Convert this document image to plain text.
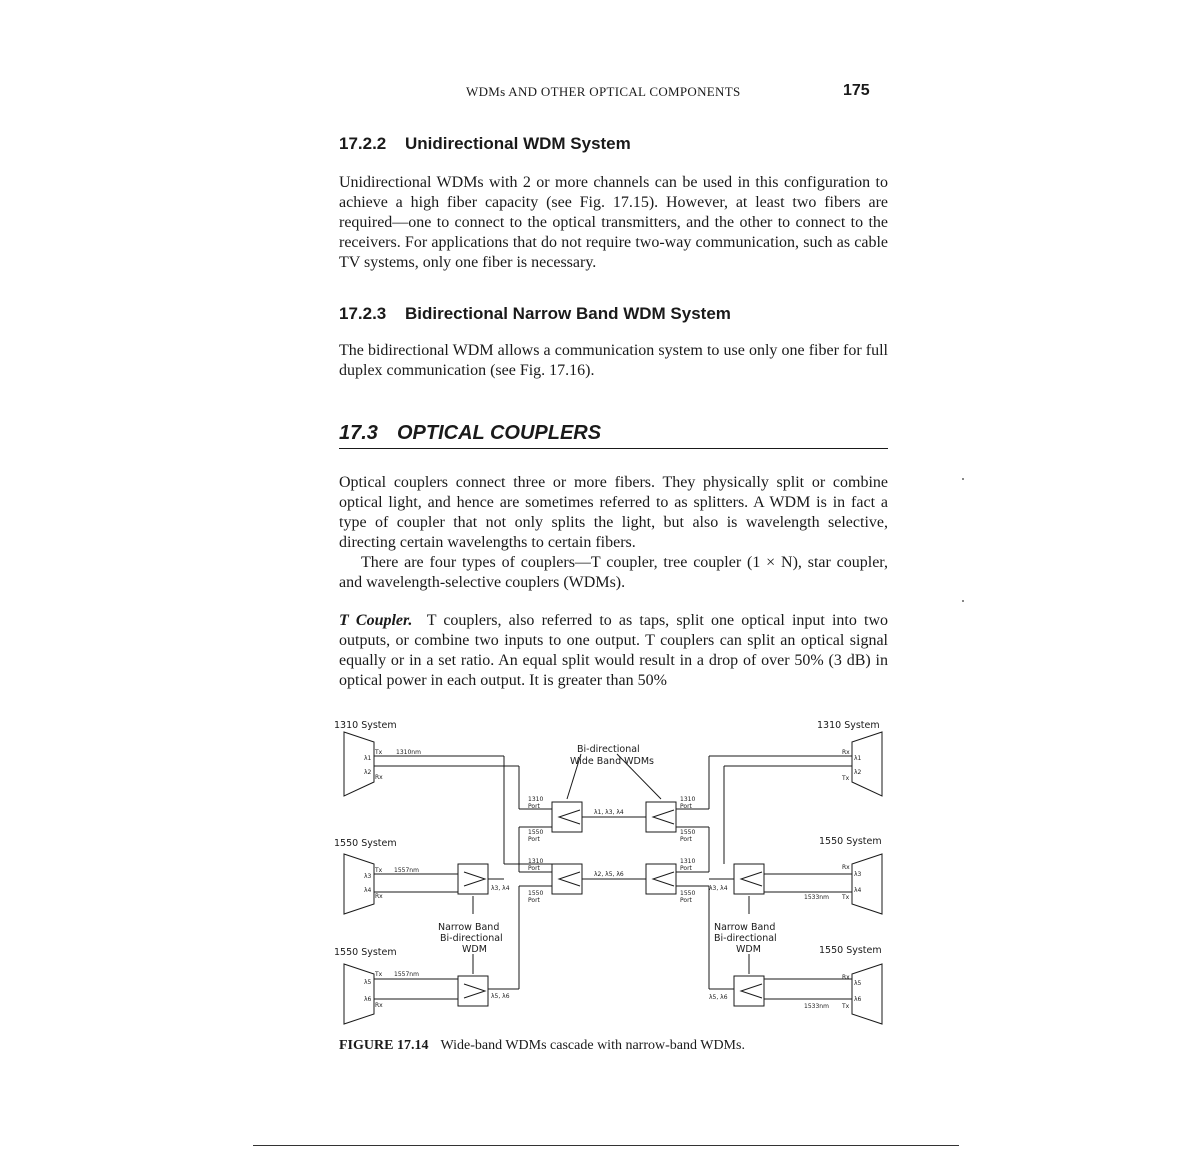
WDMs AND OTHER OPTICAL COMPONENTS	175
17.2.2 Unidirectional WDM System

Unidirectional WDMs with 2 or more channels can be used in this configuration to achieve a high fiber capacity (see Fig. 17.15). However, at least two fibers are required—one to connect to the optical transmitters, and the other to connect to the receivers. For applications that do not require two-way communication, such as cable TV systems, only one fiber is necessary.

17.2.3 Bidirectional Narrow Band WDM System

The bidirectional WDM allows a communication system to use only one fiber for full duplex communication (see Fig. 17.16).

17.3 OPTICAL COUPLERS

Optical couplers connect three or more fibers. They physically split or combine optical light, and hence are sometimes referred to as splitters. A WDM is in fact a type of coupler that not only splits the light, but also is wavelength selective, directing certain wavelengths to certain fibers.

There are four types of couplers—T coupler, tree coupler (1 × N), star coupler, and wavelength-selective couplers (WDMs).

T Coupler. T couplers, also referred to as taps, split one optical input into two outputs, or combine two inputs to one output. T couplers can split an optical signal equally or in a set ratio. An equal split would result in a drop of over 50% (3 dB) in optical power in each output. It is greater than 50%

1310 System	1310 System
1550 System	1550 System
1550 System	1550 System
Bi-directional
Wide Band WDMs
Narrow Band
Bi-directional
WDM
Narrow Band
Bi-directional
WDM
Tx 1310nm
λ1
λ2
Rx
Rx
λ1
λ2
Tx
1310
Port
1310
Port
1550
Port
1550
Port
λ1, λ3, λ4
1310
Port
1310
Port
1550
Port
1550
Port
λ2, λ5, λ6
Tx 1557nm
λ3
λ4
Rx
λ3, λ4
Tx 1557nm
λ5
λ6
Rx
λ5, λ6
Rx
λ3
λ4
1533nm Tx
λ3, λ4
Rx
λ5
λ6
1533nm Tx
λ5, λ6
FIGURE 17.14 Wide-band WDMs cascade with narrow-band WDMs.
